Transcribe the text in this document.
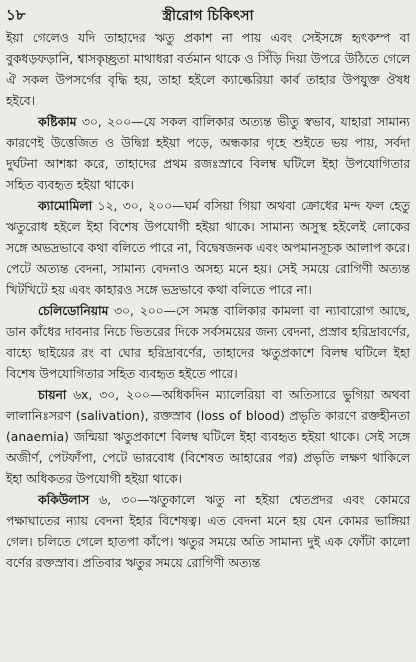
১৮	স্ত্রীরোগ চিকিৎসা

ইয়া গেলেও যদি তাহাদের ঋতু প্রকাশ না পায় এবং সেইসঙ্গে হৃৎকম্প বা বুকধড়ফড়ানি, শ্বাসকৃচ্ছ্রতা মাথাধরা বর্তমান থাকে ও সিঁড়ি দিয়া উপরে উঠিতে গেলে ঐ সকল উপসর্গের বৃদ্ধি হয়, তাহা হইলে ক্যাল্কেরিয়া কার্ব তাহার উপযুক্ত ঔষধ হইবে।

কষ্টিকাম ৩০, ২০০—যে সকল বালিকার অত্যন্ত ভীতু স্বভাব, যাহারা সামান্য কারণেই উত্তেজিত ও উদ্বিগ্ন হইয়া পড়ে, অন্ধকার গৃহে শুইতে ভয় পায়, সর্বদা দুর্ঘটনা আশঙ্কা করে, তাহাদের প্রথম রজঃস্রাবে বিলম্ব ঘটিলে ইহা উপযোগিতার সহিত ব্যবহৃত হইয়া থাকে।

ক্যামোমিলা ১২, ৩০, ২০০—ঘর্ম বসিয়া গিয়া অথবা ক্রোধের মন্দ ফল হেতু ঋতুরোধ হইলে ইহা বিশেষ উপযোগী হইয়া থাকে। সামান্য অসুস্থ হইলেই লোকের সঙ্গে অভদ্রভাবে কথা বলিতে পারে না, বিদ্বেষজনক এবং অপমানসূচক আলাপ করে। পেটে অত্যন্ত বেদনা, সামান্য বেদনাও অসহ্য মনে হয়। সেই সময়ে রোগিণী অত্যন্ত খিটখিটে হয় এবং কাহারও সঙ্গে ভদ্রভাবে কথা বলিতে পারে না।

চেলিডোনিয়াম ৩০, ২০০—সে সমস্ত বালিকার কামলা বা ন্যাবারোগ আছে, ডান কাঁধের দাবনার নিচে ভিতরের দিকে সর্বসময়ের জন্য বেদনা, প্রস্রাব হরিদ্রাবর্ণের, বাহ্যে ছাইয়ের রং বা ঘোর হরিদ্রাবর্ণের, তাহাদের ঋতুপ্রকাশে বিলম্ব ঘটিলে ইহা বিশেষ উপযোগিতার সহিত ব্যবহৃত হইতে পারে।

চায়না ৬x, ৩০, ২০০—অধিকদিন ম্যালেরিয়া বা অতিসারে ভুগিয়া অথবা লালানিঃসরণ (salivation), রক্তস্রাব (loss of blood) প্রভৃতি কারণে রক্তহীনতা (anaemia) জন্মিয়া ঋতুপ্রকাশে বিলম্ব ঘটিলে ইহা ব্যবহৃত হইয়া থাকে। সেই সঙ্গে অজীর্ণ, পেটফাঁপা, পেটে ভারবোধ (বিশেষত আহারের পর) প্রভৃতি লক্ষণ থাকিলে ইহা অধিকতর উপযোগী হইয়া থাকে।

ককিউলাস ৬, ৩০—ঋতুকালে ঋতু না হইয়া শ্বেতপ্রদর এবং কোমরে পক্ষাঘাতের ন্যায় বেদনা ইহার বিশেষত্ব। এত বেদনা মনে হয় যেন কোমর ভাঙ্গিয়া গেল। চলিতে গেলে হাতপা কাঁপে। ঋতুর সময়ে অতি সামান্য দুই এক ফোঁটা কালো বর্ণের রক্তস্রাব। প্রতিবার ঋতুর সময়ে রোগিণী অত্যন্ত
